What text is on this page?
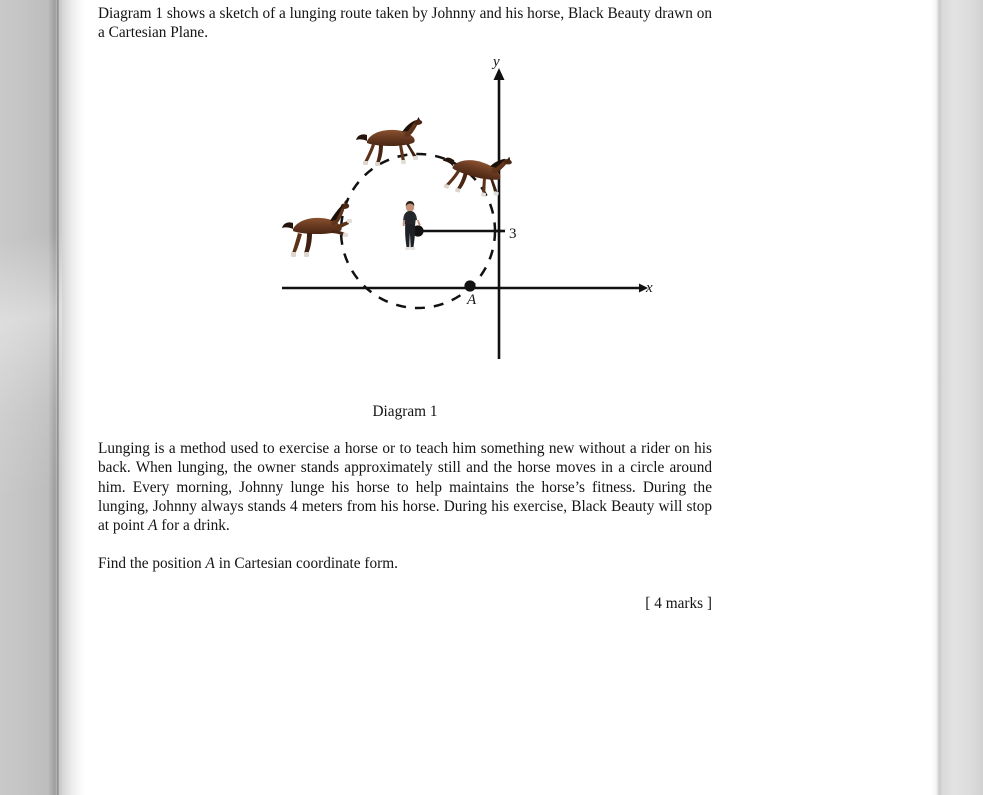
Diagram 1 shows a sketch of a lunging route taken by Johnny and his horse, Black Beauty drawn on a Cartesian Plane.

Diagram 1

Lunging is a method used to exercise a horse or to teach him something new without a rider on his back. When lunging, the owner stands approximately still and the horse moves in a circle around him. Every morning, Johnny lunge his horse to help maintains the horse’s fitness. During the lunging, Johnny always stands 4 meters from his horse. During his exercise, Black Beauty will stop at point A for a drink.

Find the position A in Cartesian coordinate form.

[ 4 marks ]

x
y
3
A
